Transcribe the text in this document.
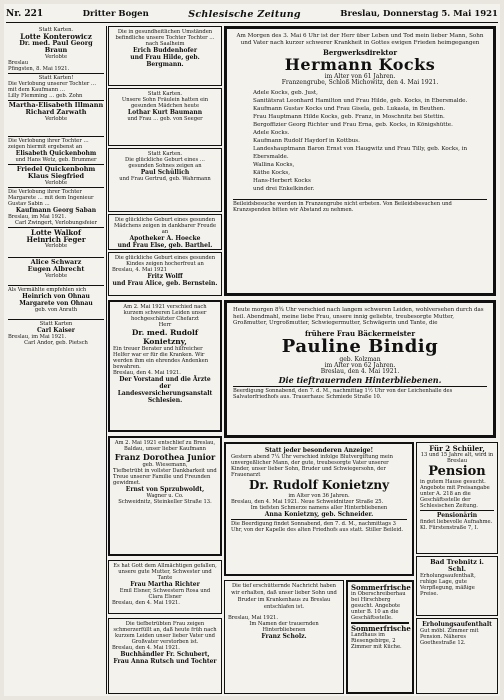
Nr. 221	Dritter Bogen	Schlesische Zeitung	Breslau, Donnerstag 5. Mai 1921

Statt Karten.

Lotte Konterowicz

Dr. med. Paul Georg Braun

Verlobte

Breslau

Pfingsten, 8. Mai 1921.

Statt Karten!

Die Verlobung unserer Tochter … mit dem Kaufmann …

Lilly Flemming … geb. Zohn

Martha-Elisabeth Illmann

Richard Zarwath

Verlobte

Die Verlobung ihrer Tochter … zeigen hiermit ergebenst an

Elisabeth Quickenbohm

und Hans Wetz, geb. Brummer

Friedel Quickenbohm

Klaus Siegfried

Verlobte

Die Verlobung ihrer Tochter Margarete … mit dem Ingenieur Gustav Sabin …

Kaufmann Georg Saban

Breslau, im Mai 1921.

Carl Zwingert, Verlobungsfeier

Lotte Walkof

Heinrich Feger

Verlobte

Alice Schwarz

Eugen Albrecht

Verlobte

Als Vermählte empfehlen sich

Heinrich von Ohnau

Margarete von Ohnau

geb. von Anrath

Statt Karten

Carl Kaiser

Breslau, im Mai 1921.

Carl Andor, geb. Pietsch

Die in gesundheitlichen Umständen befindliche unsere Tochter Tochter … nach Saalheim

Erich Buddenhofer

und Frau Hilde, geb. Bergmann.

Statt Karten.

Unsere Sohn Fräulein hatten ein gesunden Mädchen heute

Lothar Kurt Baumann

und Frau … geb. von Seeger

Statt Karten.

Die glückliche Geburt eines … gesunden Sohnes zeigen an

Paul Schüllich

und Frau Gertrud, geb. Wahrmann

Die glückliche Geburt eines gesunden Mädchens zeigen in dankbarer Freude an

Apotheker A. Hoecke

und Frau Else, geb. Barthel.

Die glückliche Geburt eines gesunden Kindes zeigen hocherfreut an

Breslau, 4. Mai 1921

Fritz Wolff

und Frau Alice, geb. Bernstein.

Am Morgen des 3. Mai 6 Uhr ist der Herr über Leben und Tod mein lieber Mann, Sohn und Vater nach kurzer schwerer Krankheit in Gottes ewigen Frieden heimgegangen

Bergwerksdirektor

Hermann Kocks

im Alter von 61 Jahren.

Franzengrube, Schloß Michowitz, den 4. Mai 1921.

Adele Kocks, geb. Just,

Sanitätsrat Leonhard Hamilton und Frau Hilde, geb. Kocks, in Ebersmalde.

Kaufmann Gustav Kocks und Frau Gisela, geb. Lukasla, in Beuthen.

Frau Hauptmann Hilde Kocks, geb. Franz, in Moschnitz bei Stettin.

Bergoffizier Georg Richter und Frau Erna, geb. Kocks, in Königshütte.

Adele Kocks.

Kaufmann Rudolf Haydorf in Kottbus.

Landeshauptmann Baron Ernst von Haugwitz und Frau Tilly, geb. Kocks, in Ebersmalde.

Wallina Kocks,

Käthe Kocks,

Hans-Herbert Kocks

und drei Enkelkinder.

Beileidsbesuche werden in Franzengrube nicht erbeten. Von Beileidsbesuchen und Kranzspenden bitten wir Abstand zu nehmen.

Am 2. Mai 1921 verschied nach kurzem schweren Leiden unser hochgeschätzter Chefarzt

Herr

Dr. med. Rudolf Konietzny,

Ein treuer Berater und hilfreicher Helfer war er für die Kranken. Wir werden ihm ein ehrendes Andenken bewahren.

Breslau, den 4. Mai 1921.

Der Vorstand und die Ärzte

der Landesversicherungsanstalt Schlesien.

Heute morgen 8¾ Uhr verschied nach langem schweren Leiden, wohlversehen durch das heil. Abendmahl, meine liebe Frau, unsere innig geliebte, treubesorgte Mutter, Großmutter, Urgroßmutter, Schwiegermutter, Schwägerin und Tante, die

frühere Frau Bäckermeister

Pauline Bindig

geb. Kolzman

im Alter von 62 Jahren.

Breslau, den 4. Mai 1921.

Die tieftrauernden Hinterbliebenen.

Beerdigung Sonnabend, den 7. d. M., nachmittag 1½ Uhr von der Leichenhalle des Salvatorfriedhofs aus. Trauerhaus: Schmiede Straße 10.

Am 2. Mai 1921 entschlief zu Breslau, Baldau, unser lieber Kaufmann

Franz Dorothea Junior

geb. Wiesemann,

Tiefbetrübt in vollster Dankbarkeit und Treue unserer Familie und Freunden gewidmet.

Ernst von Sprzubwoldt,

Wagner u. Co.

Schweidnitz, Steinkeller Straße 13.

Statt jeder besonderen Anzeige!

Gestern abend 7¼ Uhr verschied infolge Blutvergiftung mein unvergeßlicher Mann, der gute, treubesorgte Vater unserer Kinder, unser lieber Sohn, Bruder und Schwiegersohn, der Frauenarzt

Dr. Rudolf Konietzny

im Alter von 36 Jahren.

Breslau, den 4. Mai 1921. Neue Schweidnitzer Straße 25.

Im tiefsten Schmerze namens aller Hinterbliebenen

Anna Konietzny, geb. Schneider.

Die Beerdigung findet Sonnabend, den 7. d. M., nachmittags 3 Uhr, von der Kapelle des alten Friedhofs aus statt. Stiller Beileid.

Es hat Gott dem Allmächtigen gefallen, unsere gute Mutter, Schwester und Tante

Frau Martha Richter

Emil Elsner, Schwestern Rosa und Clara Elsner

Breslau, den 4. Mai 1921.

Die tiefbetrübten Frau zeigen schmerzerfüllt an, daß heute früh nach kurzem Leiden unser lieber Vater und Großvater verstorben ist.

Breslau, den 4. Mai 1921.

Buchhändler Fr. Schubert,

Frau Anna Rutsch und Tochter

Die tief erschütternde Nachricht haben wir erhalten, daß unser lieber Sohn und Bruder im Krankenhaus zu Breslau entschlafen ist.

Breslau, Mai 1921.

Im Namen der trauernden Hinterbliebenen

Franz Scholz.

Sommerfrische

in Oberschreiberhau bei Hirschberg gesucht. Angebote unter B. 10 an die Geschäftsstelle.

Sommerfrische

Landhaus im Riesengebirge, 2 Zimmer mit Küche.

Für 2 Schüler,

13 und 15 Jahre alt, wird in Breslau

Pension

in gutem Hause gesucht. Angebote mit Preisangabe unter A. 218 an die Geschäftsstelle der Schlesischen Zeitung.

Pensionärin

findet liebevolle Aufnahme. Kl. Fürstenstraße 7, I.

Bad Trebnitz i. Schl.

Erholungsaufenthalt, ruhige Lage, gute Verpflegung, mäßige Preise.

Erholungsaufenthalt

Gut möbl. Zimmer mit Pension. Näheres Goethestraße 12.
